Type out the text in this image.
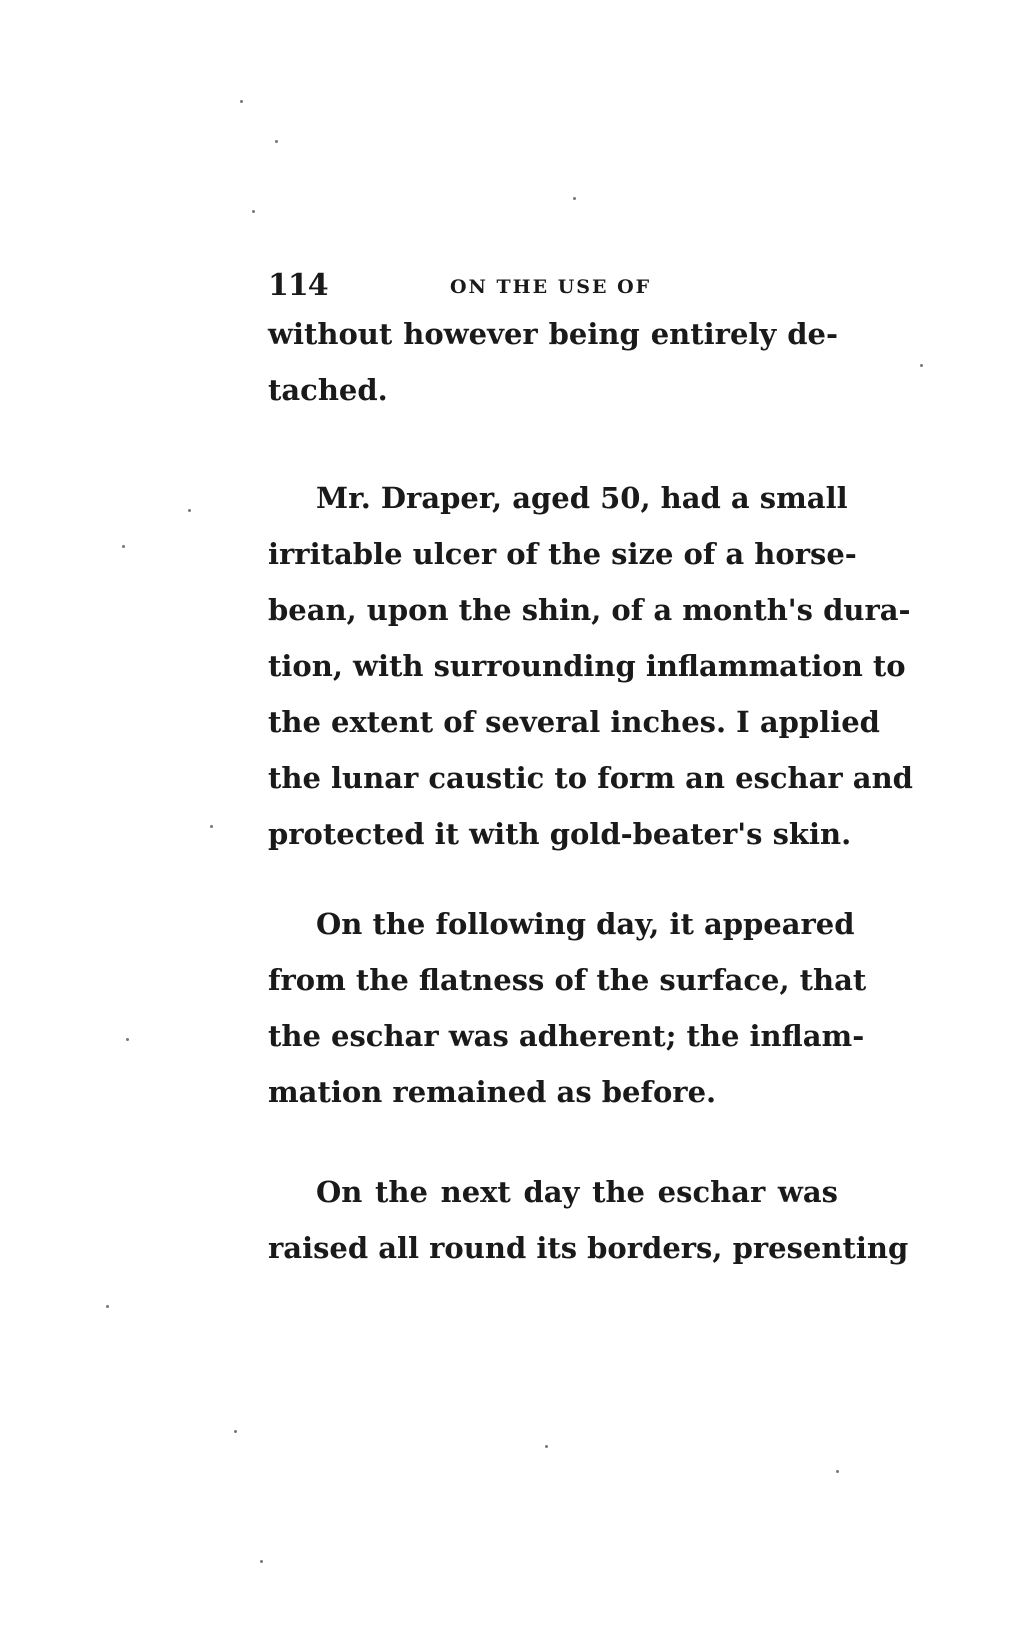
114	ON THE USE OF
without however being entirely de-
tached.
Mr. Draper, aged 50, had a small
irritable ulcer of the size of a horse-
bean, upon the shin, of a month's dura-
tion, with surrounding inflammation to
the extent of several inches. I applied
the lunar caustic to form an eschar and
protected it with gold-beater's skin.
On the following day, it appeared
from the flatness of the surface, that
the eschar was adherent; the inflam-
mation remained as before.
On the next day the eschar was
raised all round its borders, presenting
